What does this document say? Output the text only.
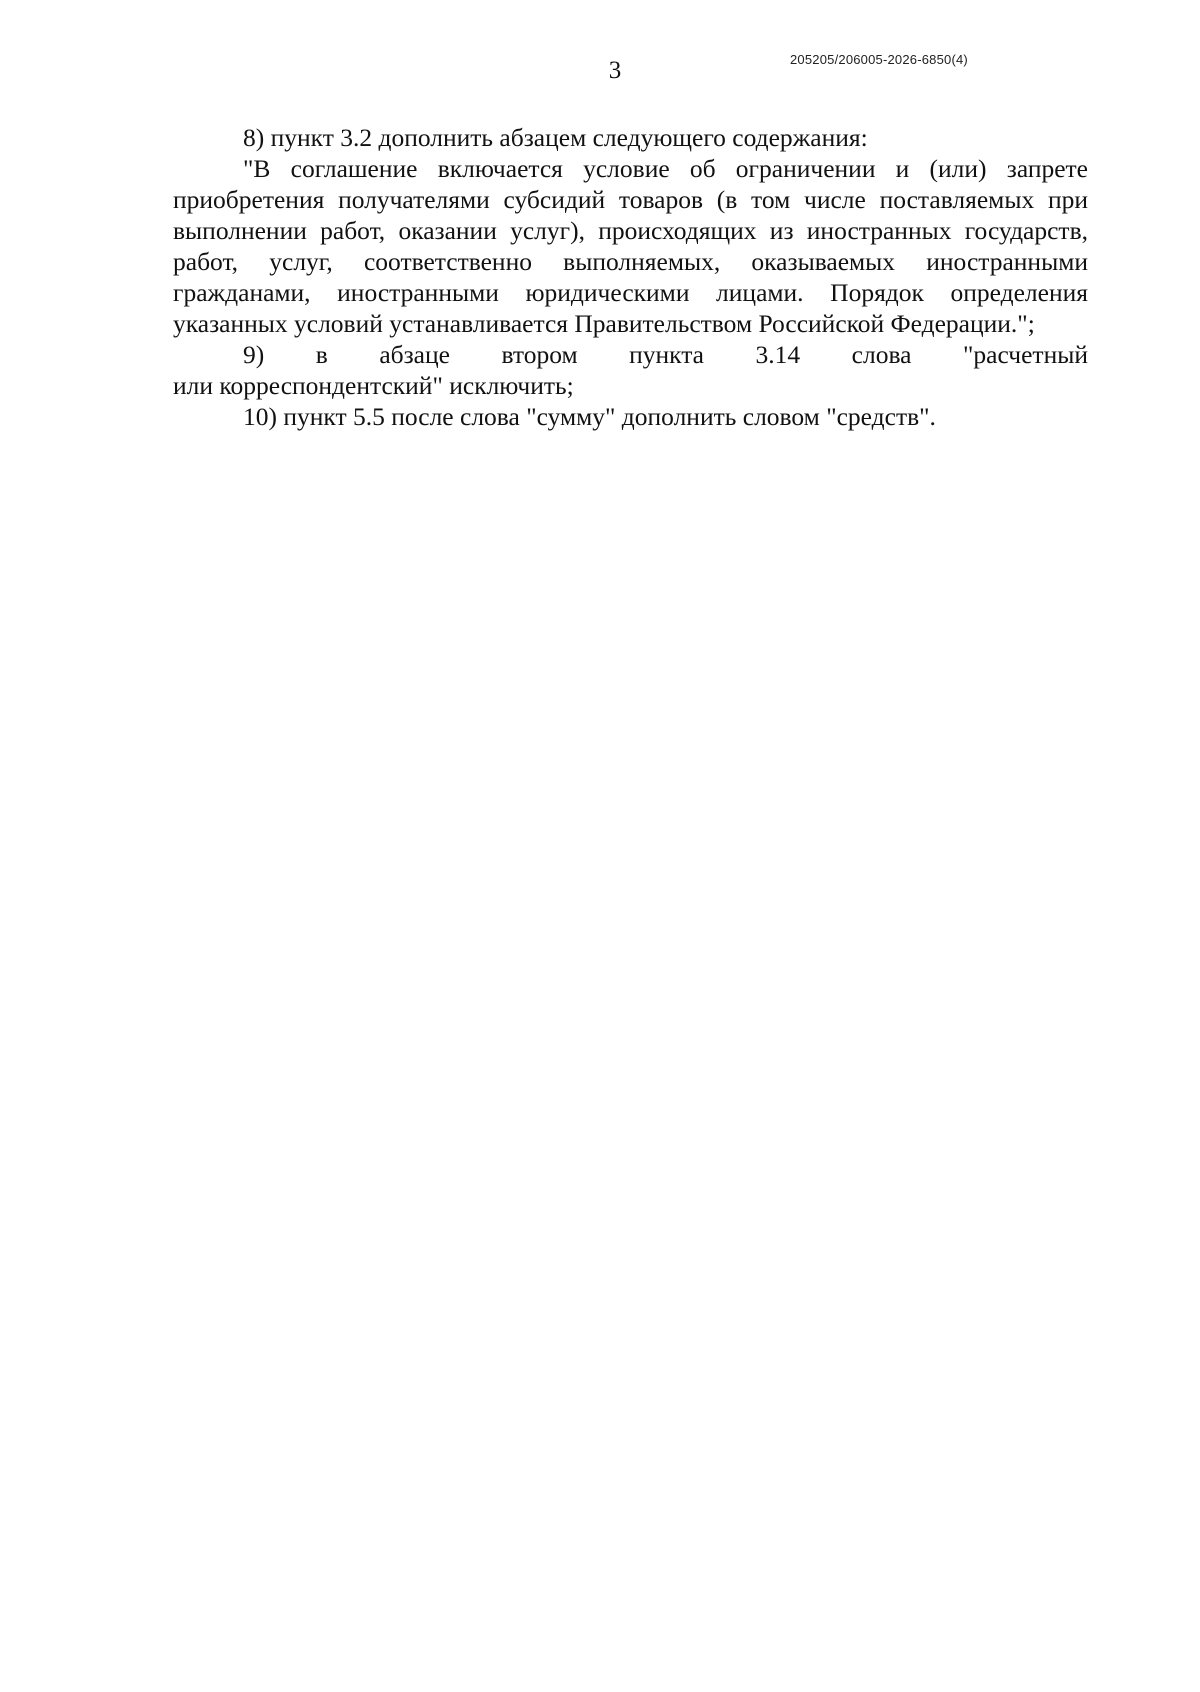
3	205205/206005-2026-6850(4)

8) пункт 3.2 дополнить абзацем следующего содержания:

"В соглашение включается условие об ограничении и (или) запрете приобретения получателями субсидий товаров (в том числе поставляемых при выполнении работ, оказании услуг), происходящих из иностранных государств, работ, услуг, соответственно выполняемых, оказываемых иностранными гражданами, иностранными юридическими лицами. Порядок определения указанных условий устанавливается Правительством Российской Федерации.";

9) в абзаце втором пункта 3.14 слова "расчетный
или корреспондентский" исключить;

10) пункт 5.5 после слова "сумму" дополнить словом "средств".
